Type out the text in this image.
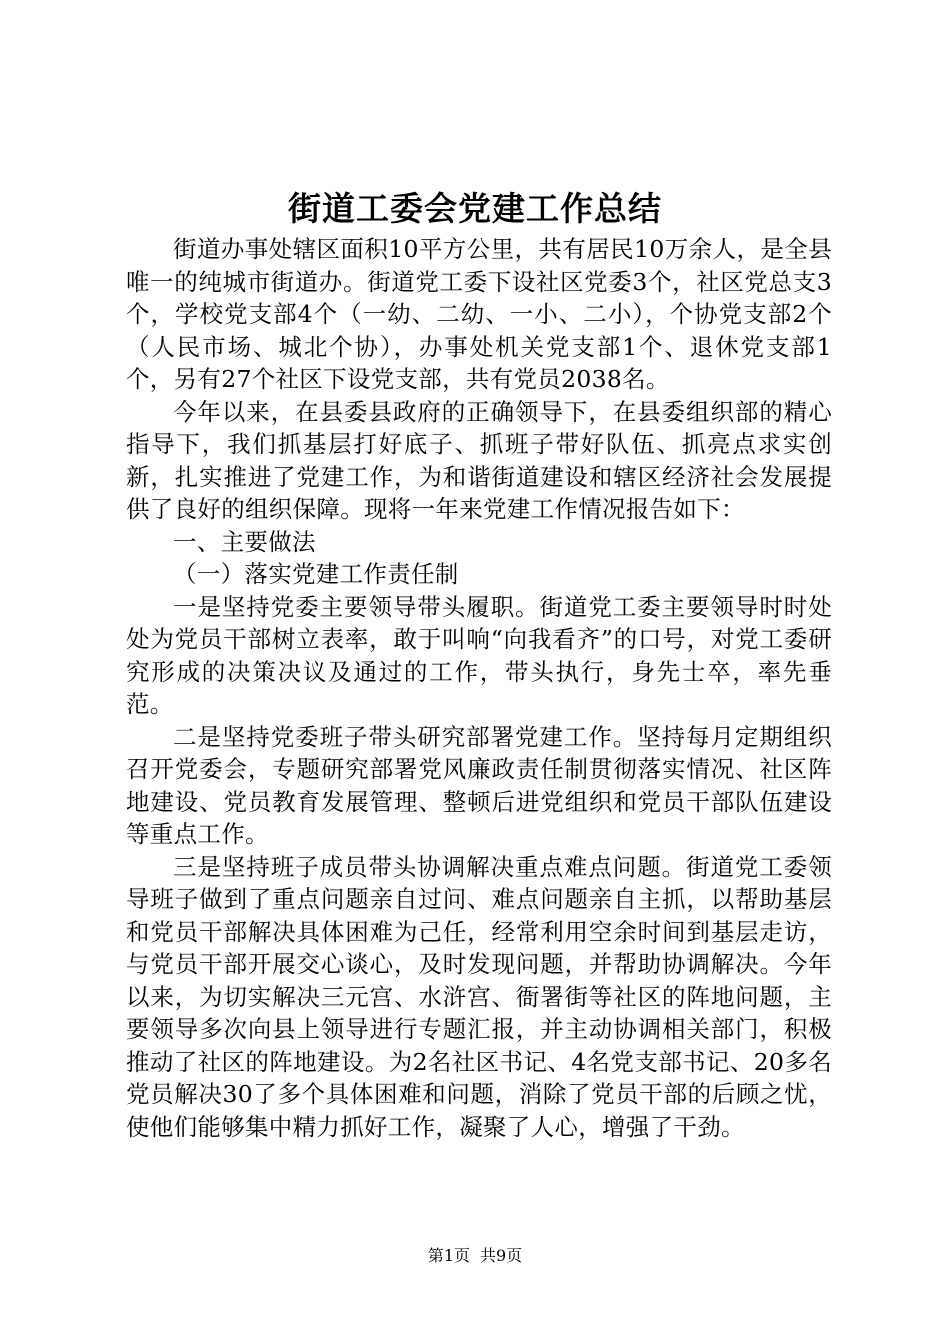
街道工委会党建工作总结

街道办事处辖区面积10平方公里，共有居民10万余人，是全县唯一的纯城市街道办。街道党工委下设社区党委3个，社区党总支3个，学校党支部4个（一幼、二幼、一小、二小），个协党支部2个（人民市场、城北个协），办事处机关党支部1个、退休党支部1个，另有27个社区下设党支部，共有党员2038名。

今年以来，在县委县政府的正确领导下，在县委组织部的精心指导下，我们抓基层打好底子、抓班子带好队伍、抓亮点求实创新，扎实推进了党建工作，为和谐街道建设和辖区经济社会发展提供了良好的组织保障。现将一年来党建工作情况报告如下：

一、主要做法

（一）落实党建工作责任制

一是坚持党委主要领导带头履职。街道党工委主要领导时时处处为党员干部树立表率，敢于叫响“向我看齐”的口号，对党工委研究形成的决策决议及通过的工作，带头执行，身先士卒，率先垂范。

二是坚持党委班子带头研究部署党建工作。坚持每月定期组织召开党委会，专题研究部署党风廉政责任制贯彻落实情况、社区阵地建设、党员教育发展管理、整顿后进党组织和党员干部队伍建设等重点工作。

三是坚持班子成员带头协调解决重点难点问题。街道党工委领导班子做到了重点问题亲自过问、难点问题亲自主抓，以帮助基层和党员干部解决具体困难为己任，经常利用空余时间到基层走访，与党员干部开展交心谈心，及时发现问题，并帮助协调解决。今年以来，为切实解决三元宫、水浒宫、衙署街等社区的阵地问题，主要领导多次向县上领导进行专题汇报，并主动协调相关部门，积极推动了社区的阵地建设。为2名社区书记、4名党支部书记、20多名党员解决30了多个具体困难和问题，消除了党员干部的后顾之忧，使他们能够集中精力抓好工作，凝聚了人心，增强了干劲。

第1页 共9页
